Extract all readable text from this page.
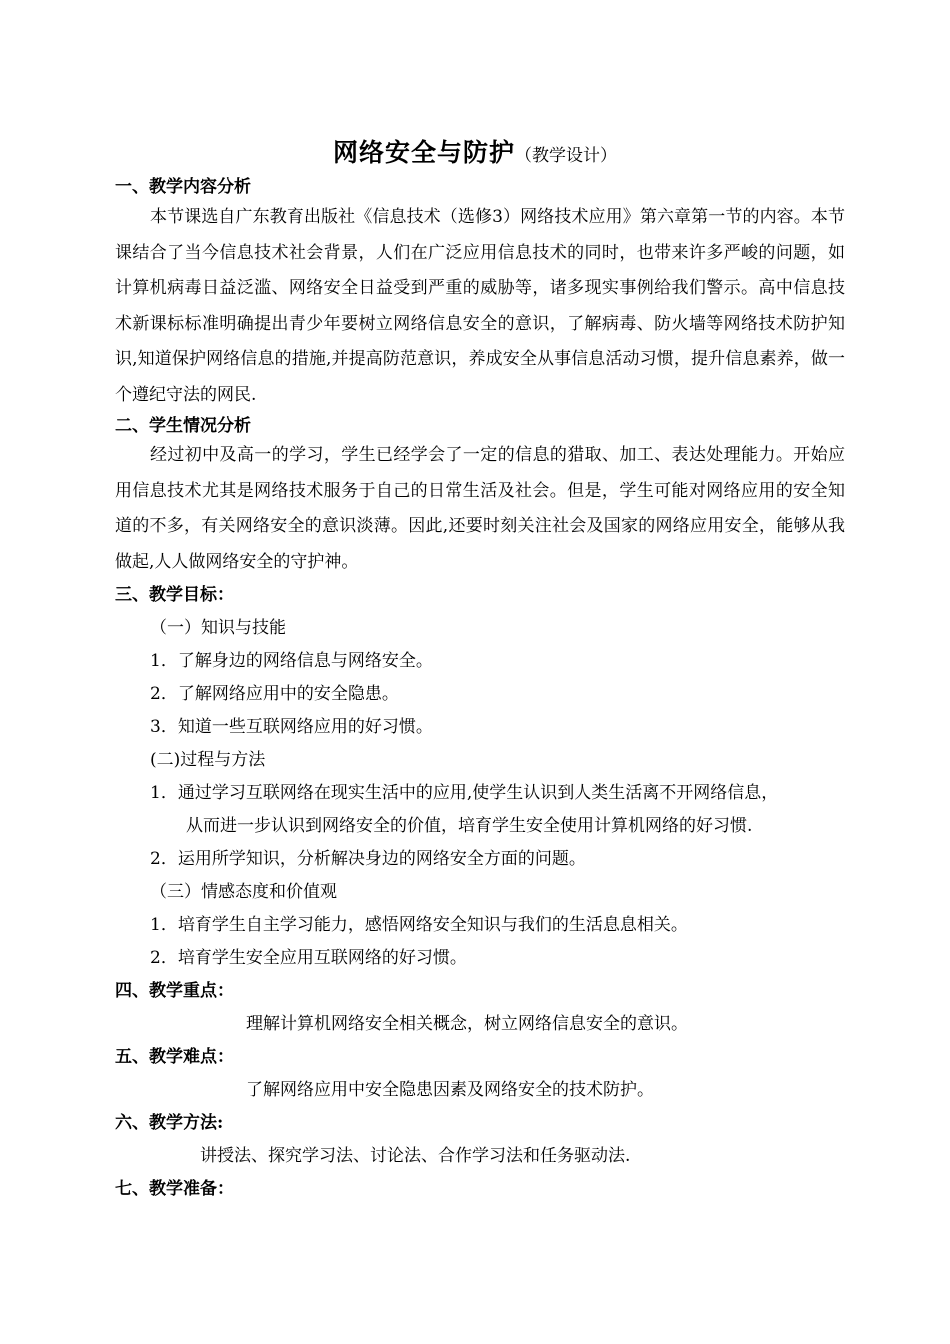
网络安全与防护（教学设计）
一、教学内容分析
本节课选自广东教育出版社《信息技术（选修3）网络技术应用》第六章第一节的内容。本节课结合了当今信息技术社会背景，人们在广泛应用信息技术的同时，也带来许多严峻的问题，如计算机病毒日益泛滥、网络安全日益受到严重的威胁等，诸多现实事例给我们警示。高中信息技术新课标标准明确提出青少年要树立网络信息安全的意识，了解病毒、防火墙等网络技术防护知识,知道保护网络信息的措施,并提高防范意识，养成安全从事信息活动习惯，提升信息素养，做一个遵纪守法的网民.
二、学生情况分析
经过初中及高一的学习，学生已经学会了一定的信息的猎取、加工、表达处理能力。开始应用信息技术尤其是网络技术服务于自己的日常生活及社会。但是，学生可能对网络应用的安全知道的不多，有关网络安全的意识淡薄。因此,还要时刻关注社会及国家的网络应用安全，能够从我做起,人人做网络安全的守护神。
三、教学目标：
（一）知识与技能
1．了解身边的网络信息与网络安全。
2．了解网络应用中的安全隐患。
3．知道一些互联网络应用的好习惯。
(二)过程与方法
1．通过学习互联网络在现实生活中的应用,使学生认识到人类生活离不开网络信息，
从而进一步认识到网络安全的价值，培育学生安全使用计算机网络的好习惯.
2．运用所学知识，分析解决身边的网络安全方面的问题。
（三）情感态度和价值观
1．培育学生自主学习能力，感悟网络安全知识与我们的生活息息相关。
2．培育学生安全应用互联网络的好习惯。
四、教学重点：
理解计算机网络安全相关概念，树立网络信息安全的意识。
五、教学难点：
了解网络应用中安全隐患因素及网络安全的技术防护。
六、教学方法:
讲授法、探究学习法、讨论法、合作学习法和任务驱动法.
七、教学准备：
